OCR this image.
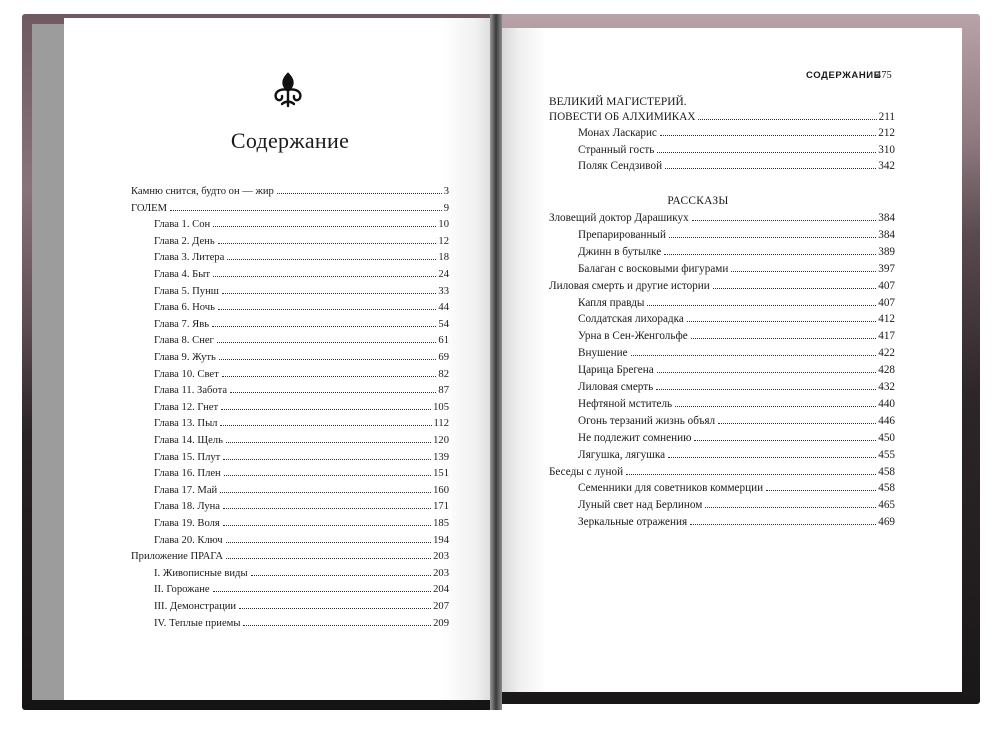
Содержание
Камню снится, будто он — жир	3
ГОЛЕМ	9
Глава 1. Сон	10
Глава 2. День	12
Глава 3. Литера	18
Глава 4. Быт	24
Глава 5. Пунш	33
Глава 6. Ночь	44
Глава 7. Явь	54
Глава 8. Снег	61
Глава 9. Жуть	69
Глава 10. Свет	82
Глава 11. Забота	87
Глава 12. Гнет	105
Глава 13. Пыл	112
Глава 14. Щель	120
Глава 15. Плут	139
Глава 16. Плен	151
Глава 17. Май	160
Глава 18. Луна	171
Глава 19. Воля	185
Глава 20. Ключ	194
Приложение ПРАГА	203
I. Живописные виды	203
II. Горожане	204
III. Демонстрации	207
IV. Теплые приемы	209
СОДЕРЖАНИЕ
475
ВЕЛИКИЙ МАГИСТЕРИЙ.
ПОВЕСТИ ОБ АЛХИМИКАХ	211
Монах Ласкарис	212
Странный гость	310
Поляк Сендзивой	342
РАССКАЗЫ
Зловещий доктор Дарашикух	384
Препарированный	384
Джинн в бутылке	389
Балаган с восковыми фигурами	397
Лиловая смерть и другие истории	407
Капля правды	407
Солдатская лихорадка	412
Урна в Сен-Женгольфе	417
Внушение	422
Царица Брегена	428
Лиловая смерть	432
Нефтяной мститель	440
Огонь терзаний жизнь объял	446
Не подлежит сомнению	450
Лягушка, лягушка	455
Беседы с луной	458
Семенники для советников коммерции	458
Луный свет над Берлином	465
Зеркальные отражения	469
